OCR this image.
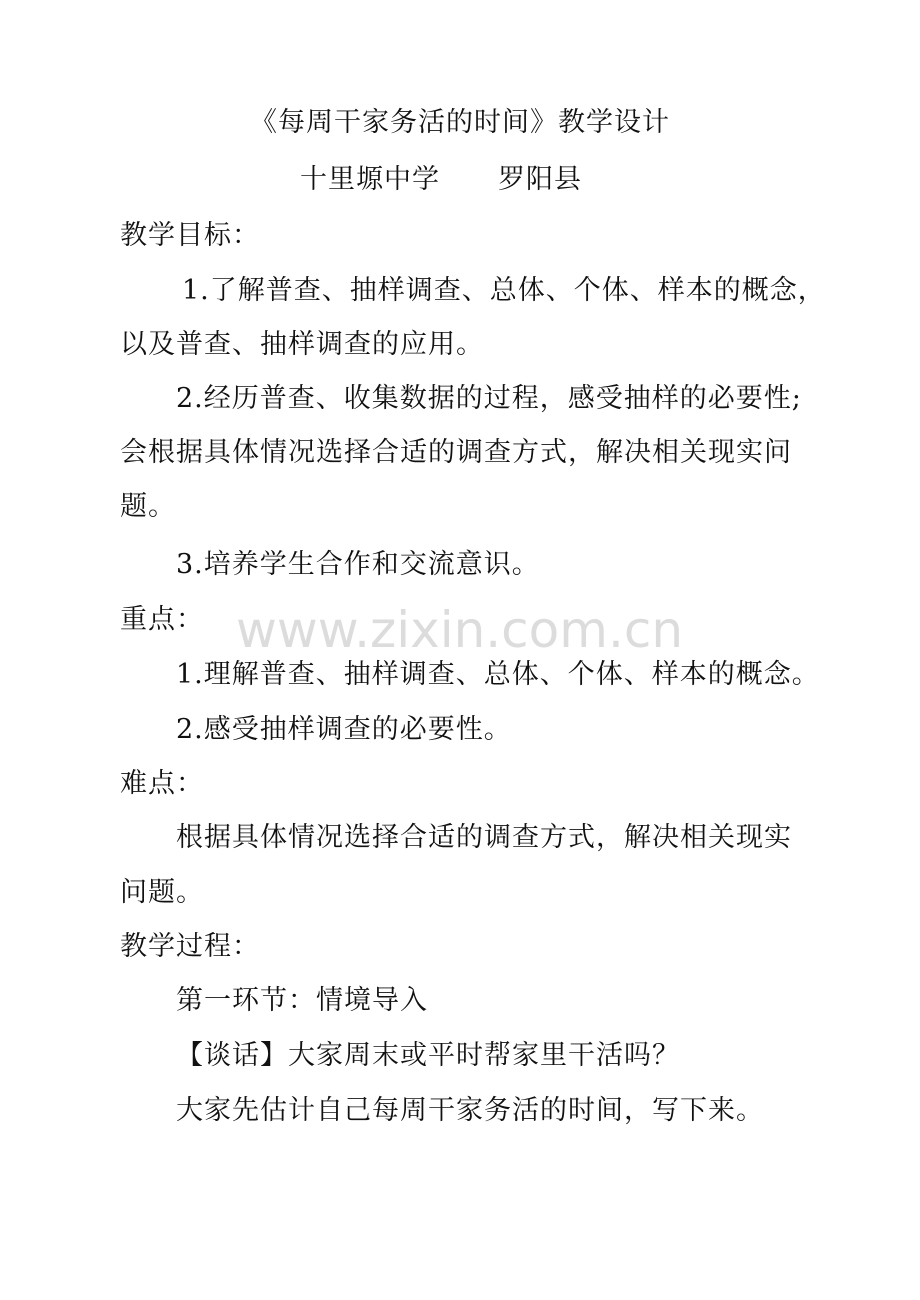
www.zixin.com.cn
《每周干家务活的时间》教学设计
十里塬中学 罗阳县
教学目标：
1.了解普查、抽样调查、总体、个体、样本的概念，
以及普查、抽样调查的应用。
2.经历普查、收集数据的过程，感受抽样的必要性;
会根据具体情况选择合适的调查方式，解决相关现实问
题。
3.培养学生合作和交流意识。
重点：
1.理解普查、抽样调查、总体、个体、样本的概念。
2.感受抽样调查的必要性。
难点：
根据具体情况选择合适的调查方式，解决相关现实
问题。
教学过程：
第一环节：情境导入
【谈话】大家周末或平时帮家里干活吗？
大家先估计自己每周干家务活的时间，写下来。
